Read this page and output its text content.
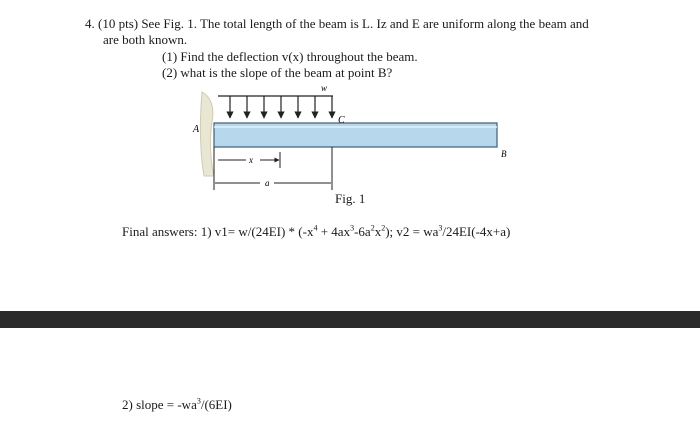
4. (10 pts) See Fig. 1. The total length of the beam is L. Iz and E are uniform along the beam and
are both known.
(1) Find the deflection v(x) throughout the beam.
(2) what is the slope of the beam at point B?
w
A
C
B
x
a
Fig. 1
Final answers: 1) $v1= w/(24EI) * (-x^4 + 4ax^3-6a^2x^2)$; $v2 = wa^3/24EI(-4x+a)$
2) slope = $-wa^3/(6EI)$
